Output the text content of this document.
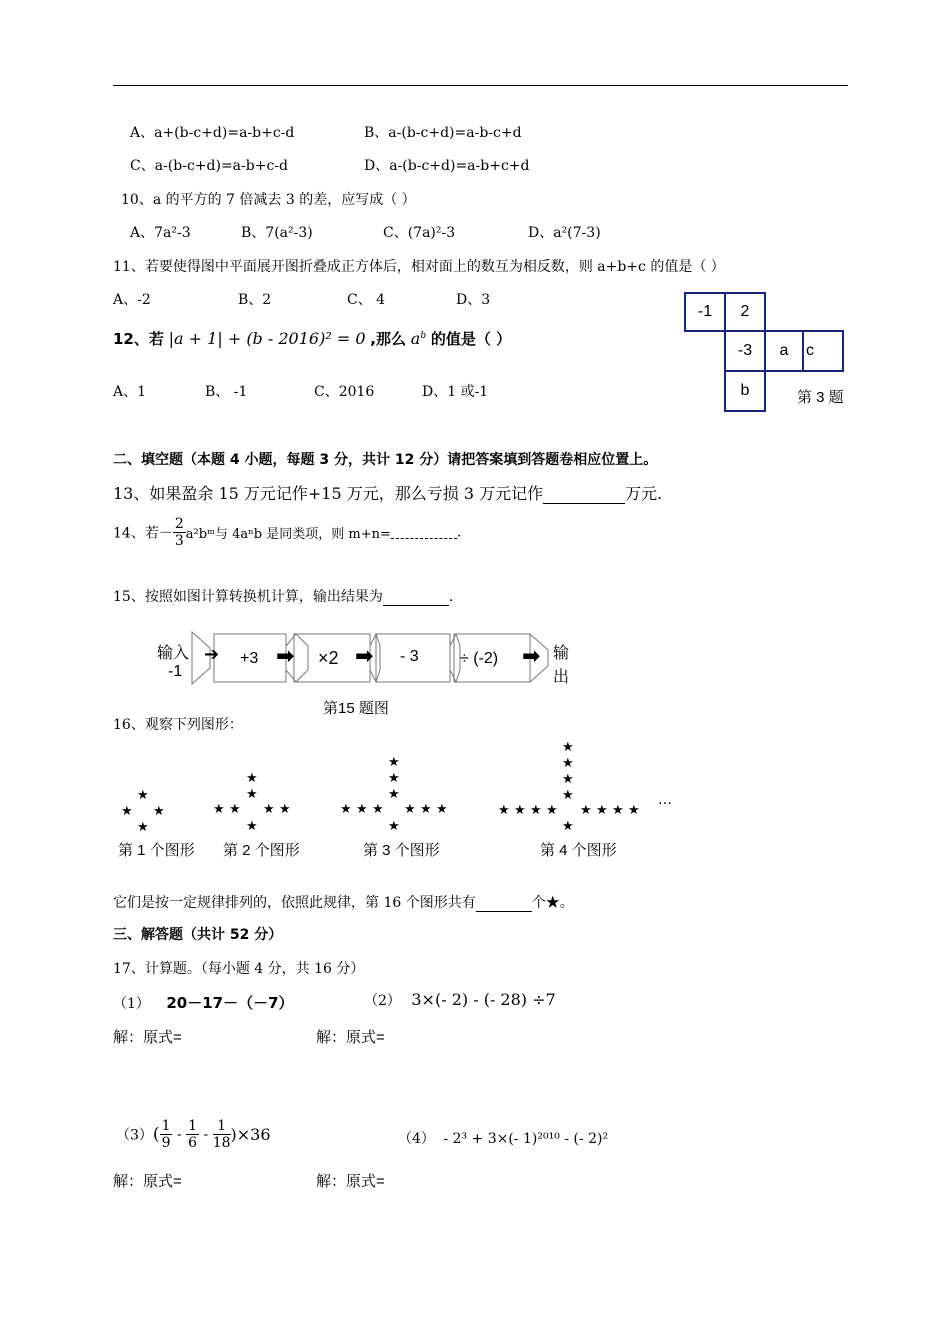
A、a+(b-c+d)=a-b+c-d	B、a-(b-c+d)=a-b-c+d
C、a-(b-c+d)=a-b+c-d	D、a-(b-c+d)=a-b+c+d
10、a 的平方的 7 倍减去 3 的差，应写成（ ）
A、7a²-3	B、7(a²-3)	C、(7a)²-3	D、a²(7-3)
11、若要使得图中平面展开图折叠成正方体后，相对面上的数互为相反数，则 a+b+c 的值是（ ）
A、-2	B、2	C、 4	D、3
-1	2
-3	a	c
b	第 3 题
12、若 |a + 1| + (b - 2016)² = 0 ,那么 $a^b$ 的值是（ ）
A、1	B、 -1	C、2016	D、1 或-1
二、填空题（本题 4 小题，每题 3 分，共计 12 分）请把答案填到答题卷相应位置上。
13、如果盈余 15 万元记作+15 万元，那么亏损 3 万元记作	万元.
14、若－ $\frac{2}{3}$ a²bᵐ与 4aⁿb 是同类项，则 m+n=	.
15、按照如图计算转换机计算，输出结果为	.
输入
-1
➔ +3 ➡ ×2 ➡ - 3	÷ (-2) ➡ 输
出
第15 题图
16、观察下列图形：
★
★ ★
★
★
★
★ ★ ★ ★
★
★
★
★
★ ★ ★ ★ ★ ★
★
★
★
★
★
★ ★ ★ ★ ★ ★ ★ ★
★
…
第 1 个图形 第 2 个图形	第 3 个图形	第 4 个图形
它们是按一定规律排列的，依照此规律，第 16 个图形共有	个★。
三、解答题（共计 52 分）
17、计算题。（每小题 4 分，共 16 分）
（1） 20－17－（－7）	（2） 3×(- 2) - (- 28) ÷7
解：原式=	解：原式=
$(3)( \frac{1}{9} - \frac{1}{6} - \frac{1}{18} )\times 36$	（4） - 2³ + 3×(- 1)²⁰¹⁰ - (- 2)²
解：原式=	解：原式=
